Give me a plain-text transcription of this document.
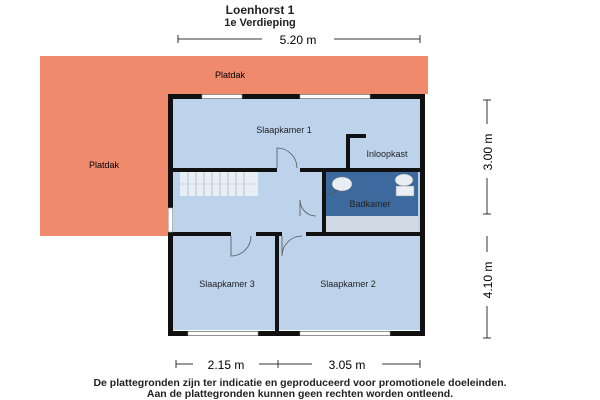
Loenhorst 1
1e Verdieping
5.20 m
Platdak
Platdak
Slaapkamer 1
Inloopkast
Badkamer
Slaapkamer 3	Slaapkamer 2
3.00 m
4.10 m
2.15 m	3.05 m
De plattegronden zijn ter indicatie en geproduceerd voor promotionele doeleinden.
Aan de plattegronden kunnen geen rechten worden ontleend.
